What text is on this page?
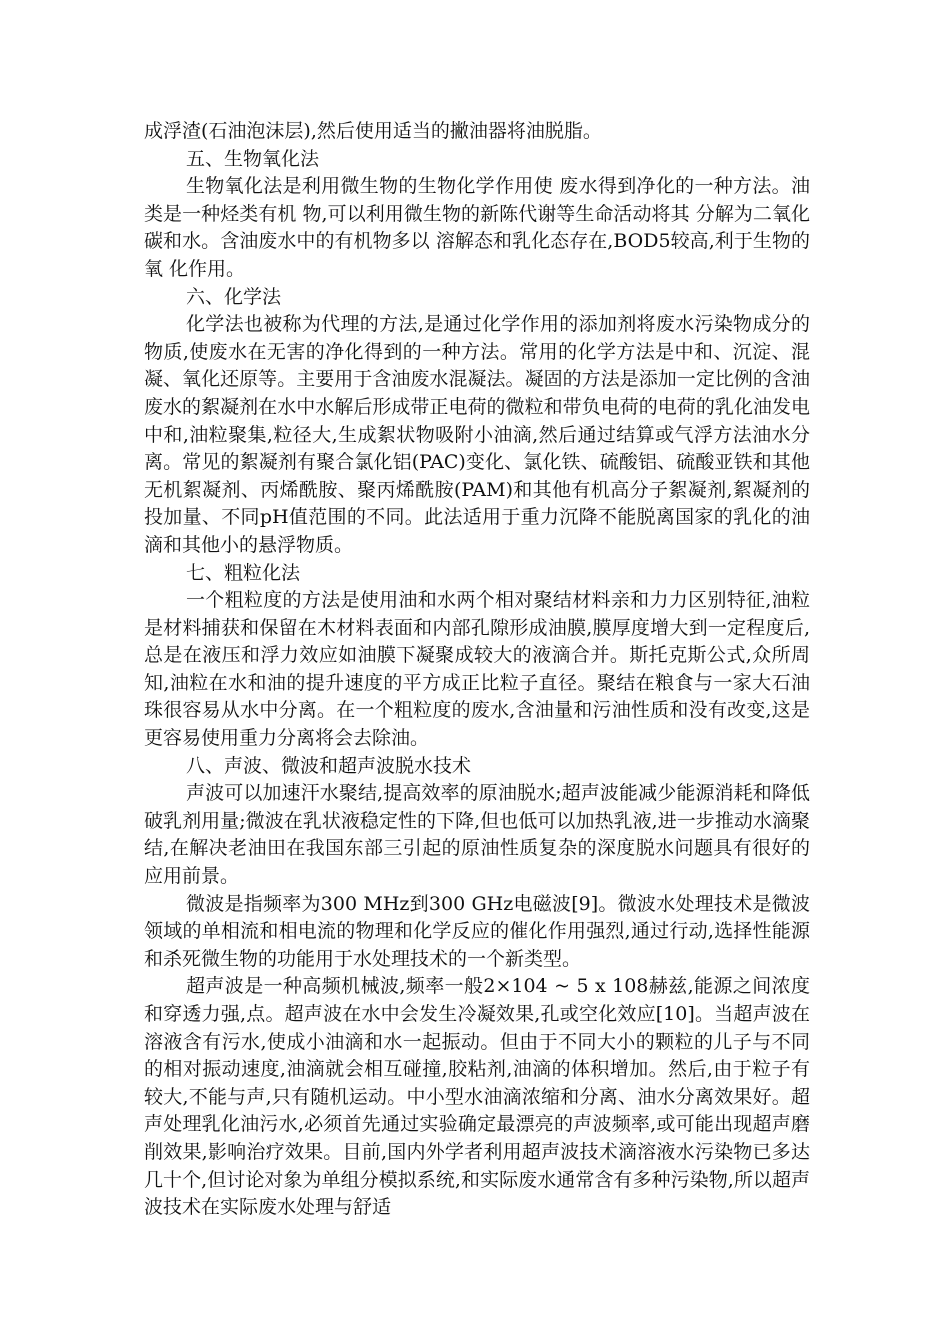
成浮渣(石油泡沫层),然后使用适当的撇油器将油脱脂。

五、生物氧化法

生物氧化法是利用微生物的生物化学作用使 废水得到净化的一种方法。油类是一种烃类有机 物,可以利用微生物的新陈代谢等生命活动将其 分解为二氧化碳和水。含油废水中的有机物多以 溶解态和乳化态存在,BOD5较高,利于生物的氧 化作用。

六、化学法

化学法也被称为代理的方法,是通过化学作用的添加剂将废水污染物成分的物质,使废水在无害的净化得到的一种方法。常用的化学方法是中和、沉淀、混凝、氧化还原等。主要用于含油废水混凝法。凝固的方法是添加一定比例的含油废水的絮凝剂在水中水解后形成带正电荷的微粒和带负电荷的电荷的乳化油发电中和,油粒聚集,粒径大,生成絮状物吸附小油滴,然后通过结算或气浮方法油水分离。常见的絮凝剂有聚合氯化铝(PAC)变化、氯化铁、硫酸铝、硫酸亚铁和其他无机絮凝剂、丙烯酰胺、聚丙烯酰胺(PAM)和其他有机高分子絮凝剂,絮凝剂的投加量、不同pH值范围的不同。此法适用于重力沉降不能脱离国家的乳化的油滴和其他小的悬浮物质。

七、粗粒化法

一个粗粒度的方法是使用油和水两个相对聚结材料亲和力力区别特征,油粒是材料捕获和保留在木材料表面和内部孔隙形成油膜,膜厚度增大到一定程度后,总是在液压和浮力效应如油膜下凝聚成较大的液滴合并。斯托克斯公式,众所周知,油粒在水和油的提升速度的平方成正比粒子直径。聚结在粮食与一家大石油珠很容易从水中分离。在一个粗粒度的废水,含油量和污油性质和没有改变,这是更容易使用重力分离将会去除油。

八、声波、微波和超声波脱水技术

声波可以加速汗水聚结,提高效率的原油脱水;超声波能减少能源消耗和降低破乳剂用量;微波在乳状液稳定性的下降,但也低可以加热乳液,进一步推动水滴聚结,在解决老油田在我国东部三引起的原油性质复杂的深度脱水问题具有很好的应用前景。

微波是指频率为300 MHz到300 GHz电磁波[9]。微波水处理技术是微波领域的单相流和相电流的物理和化学反应的催化作用强烈,通过行动,选择性能源和杀死微生物的功能用于水处理技术的一个新类型。

超声波是一种高频机械波,频率一般2×104 ~ 5 x 108赫兹,能源之间浓度和穿透力强,点。超声波在水中会发生冷凝效果,孔或空化效应[10]。当超声波在溶液含有污水,使成小油滴和水一起振动。但由于不同大小的颗粒的儿子与不同的相对振动速度,油滴就会相互碰撞,胶粘剂,油滴的体积增加。然后,由于粒子有较大,不能与声,只有随机运动。中小型水油滴浓缩和分离、油水分离效果好。超声处理乳化油污水,必须首先通过实验确定最漂亮的声波频率,或可能出现超声磨削效果,影响治疗效果。目前,国内外学者利用超声波技术滴溶液水污染物已多达几十个,但讨论对象为单组分模拟系统,和实际废水通常含有多种污染物,所以超声波技术在实际废水处理与舒适
